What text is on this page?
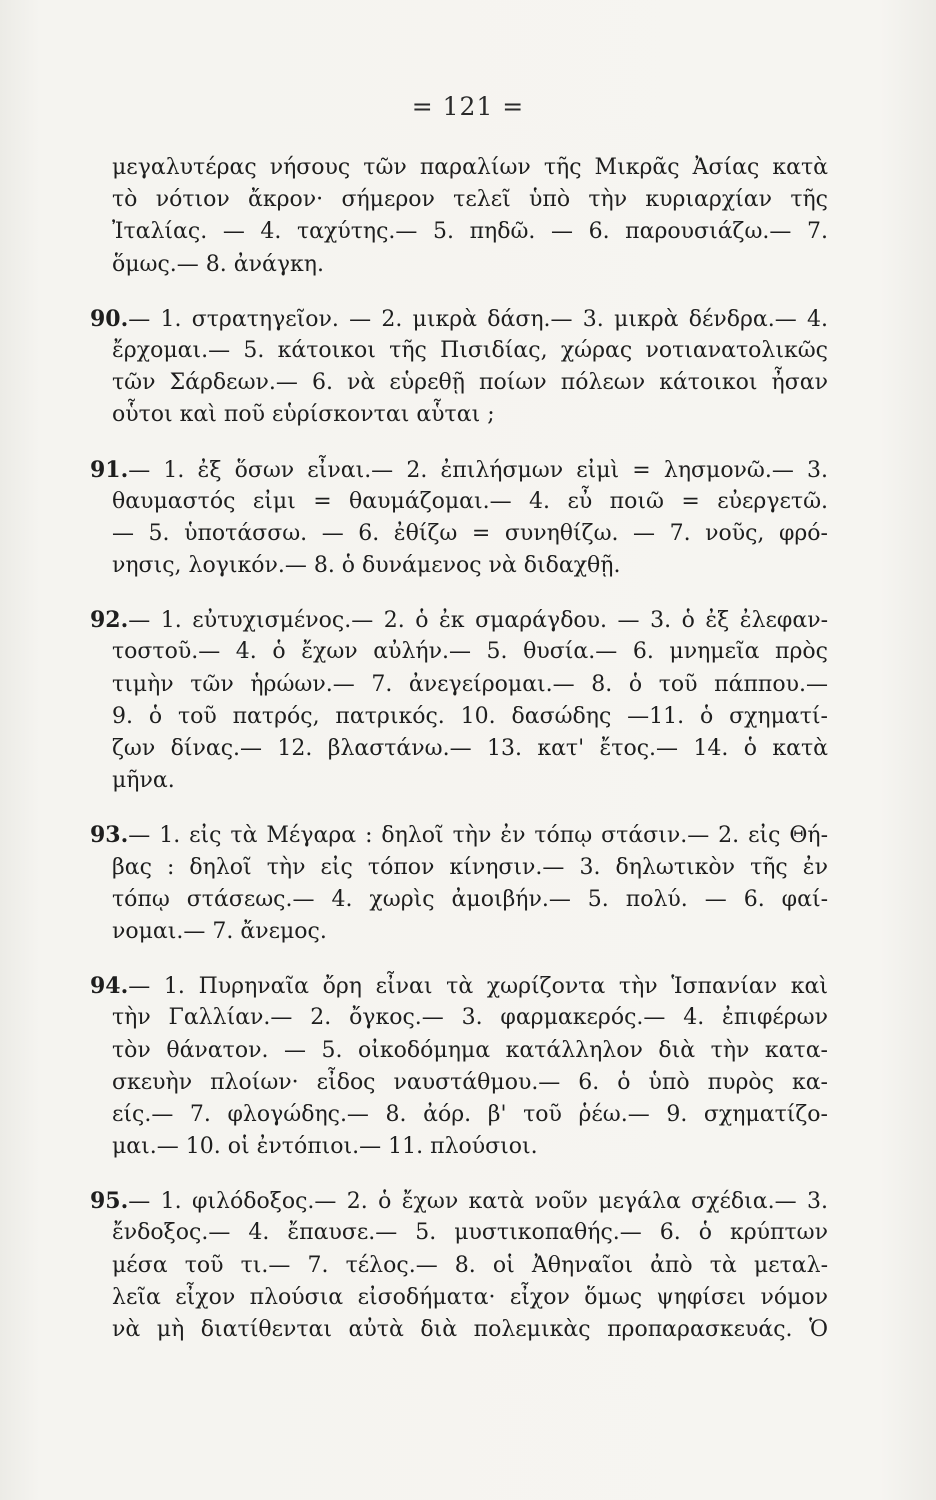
= 121 =
μεγαλυτέρας νήσους τῶν παραλίων τῆς Μικρᾶς Ἀσίας κατὰ
τὸ νότιον ἄκρον· σήμερον τελεῖ ὑπὸ τὴν κυριαρχίαν τῆς
Ἰταλίας. — 4. ταχύτης.— 5. πηδῶ. — 6. παρουσιάζω.— 7.
ὅμως.— 8. ἀνάγκη.
90.— 1. στρατηγεῖον. — 2. μικρὰ δάση.— 3. μικρὰ δένδρα.— 4.
ἔρχομαι.— 5. κάτοικοι τῆς Πισιδίας, χώρας νοτιανατολικῶς
τῶν Σάρδεων.— 6. νὰ εὑρεθῇ ποίων πόλεων κάτοικοι ἦσαν
οὗτοι καὶ ποῦ εὑρίσκονται αὗται ;
91.— 1. ἐξ ὅσων εἶναι.— 2. ἐπιλήσμων εἰμὶ = λησμονῶ.— 3.
θαυμαστός εἰμι = θαυμάζομαι.— 4. εὖ ποιῶ = εὐεργετῶ.
— 5. ὑποτάσσω. — 6. ἐθίζω = συνηθίζω. — 7. νοῦς, φρό-
νησις, λογικόν.— 8. ὁ δυνάμενος νὰ διδαχθῇ.
92.— 1. εὐτυχισμένος.— 2. ὁ ἐκ σμαράγδου. — 3. ὁ ἐξ ἐλεφαν-
τοστοῦ.— 4. ὁ ἔχων αὐλήν.— 5. θυσία.— 6. μνημεῖα πρὸς
τιμὴν τῶν ἡρώων.— 7. ἀνεγείρομαι.— 8. ὁ τοῦ πάππου.—
9. ὁ τοῦ πατρός, πατρικός. 10. δασώδης —11. ὁ σχηματί-
ζων δίνας.— 12. βλαστάνω.— 13. κατ' ἔτος.— 14. ὁ κατὰ
μῆνα.
93.— 1. εἰς τὰ Μέγαρα : δηλοῖ τὴν ἐν τόπῳ στάσιν.— 2. εἰς Θή-
βας : δηλοῖ τὴν εἰς τόπον κίνησιν.— 3. δηλωτικὸν τῆς ἐν
τόπῳ στάσεως.— 4. χωρὶς ἀμοιβήν.— 5. πολύ. — 6. φαί-
νομαι.— 7. ἄνεμος.
94.— 1. Πυρηναῖα ὄρη εἶναι τὰ χωρίζοντα τὴν Ἱσπανίαν καὶ
τὴν Γαλλίαν.— 2. ὄγκος.— 3. φαρμακερός.— 4. ἐπιφέρων
τὸν θάνατον. — 5. οἰκοδόμημα κατάλληλον διὰ τὴν κατα-
σκευὴν πλοίων· εἶδος ναυστάθμου.— 6. ὁ ὑπὸ πυρὸς κα-
είς.— 7. φλογώδης.— 8. ἀόρ. β' τοῦ ῥέω.— 9. σχηματίζο-
μαι.— 10. οἱ ἐντόπιοι.— 11. πλούσιοι.
95.— 1. φιλόδοξος.— 2. ὁ ἔχων κατὰ νοῦν μεγάλα σχέδια.— 3.
ἔνδοξος.— 4. ἔπαυσε.— 5. μυστικοπαθής.— 6. ὁ κρύπτων
μέσα τοῦ τι.— 7. τέλος.— 8. οἱ Ἀθηναῖοι ἀπὸ τὰ μεταλ-
λεῖα εἶχον πλούσια εἰσοδήματα· εἶχον ὅμως ψηφίσει νόμον
νὰ μὴ διατίθενται αὐτὰ διὰ πολεμικὰς προπαρασκευάς. Ὁ
